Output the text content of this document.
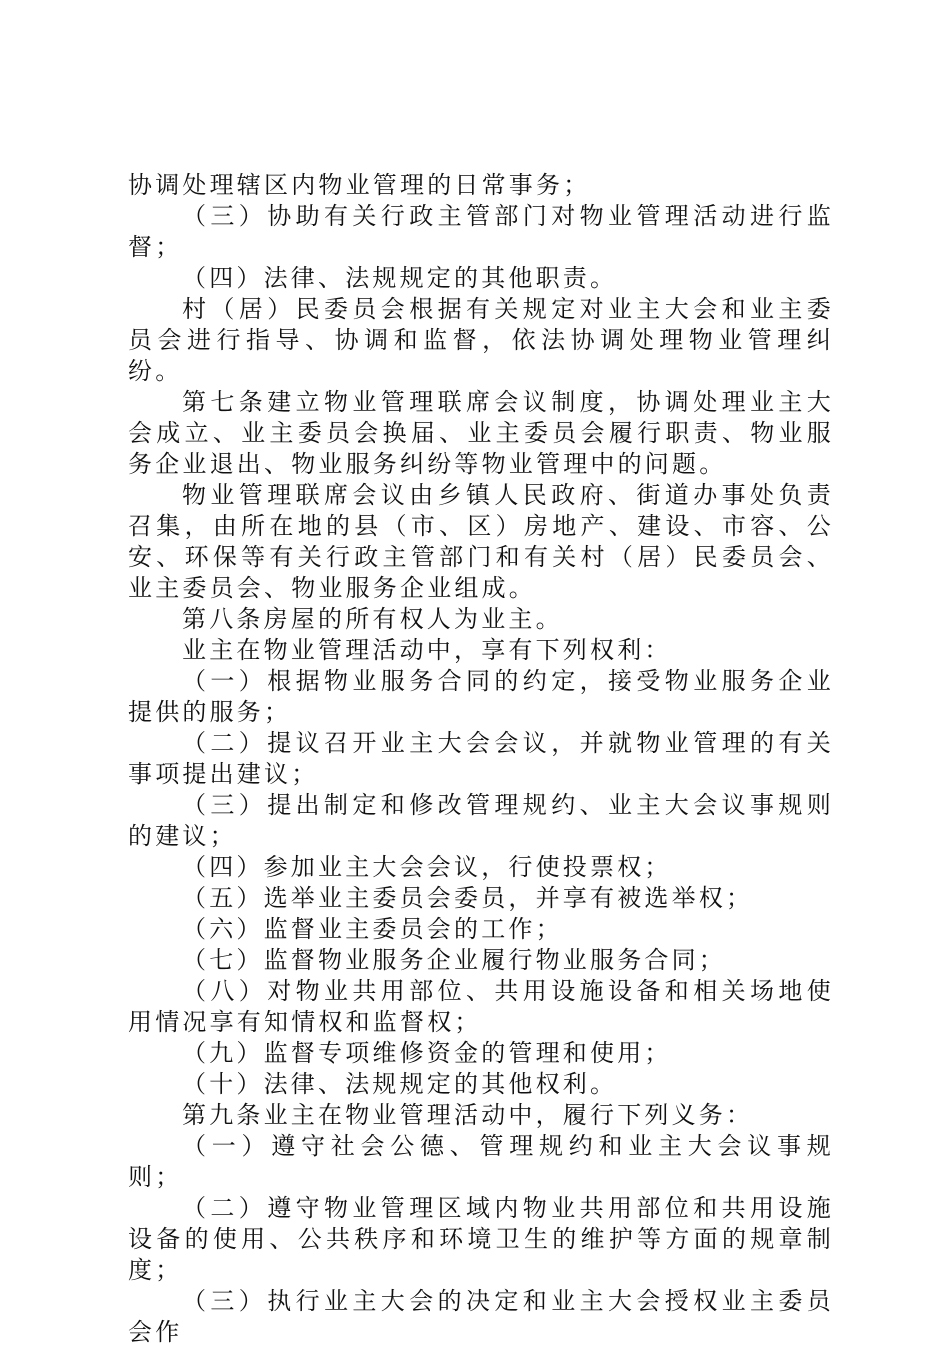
协调处理辖区内物业管理的日常事务；

（三）协助有关行政主管部门对物业管理活动进行监督；

（四）法律、法规规定的其他职责。

村（居）民委员会根据有关规定对业主大会和业主委员会进行指导、协调和监督，依法协调处理物业管理纠纷。

第七条建立物业管理联席会议制度，协调处理业主大会成立、业主委员会换届、业主委员会履行职责、物业服务企业退出、物业服务纠纷等物业管理中的问题。

物业管理联席会议由乡镇人民政府、街道办事处负责召集，由所在地的县（市、区）房地产、建设、市容、公安、环保等有关行政主管部门和有关村（居）民委员会、业主委员会、物业服务企业组成。

第八条房屋的所有权人为业主。

业主在物业管理活动中，享有下列权利：

（一）根据物业服务合同的约定，接受物业服务企业提供的服务；

（二）提议召开业主大会会议，并就物业管理的有关事项提出建议；

（三）提出制定和修改管理规约、业主大会议事规则的建议；

（四）参加业主大会会议，行使投票权；

（五）选举业主委员会委员，并享有被选举权；

（六）监督业主委员会的工作；

（七）监督物业服务企业履行物业服务合同；

（八）对物业共用部位、共用设施设备和相关场地使用情况享有知情权和监督权；

（九）监督专项维修资金的管理和使用；

（十）法律、法规规定的其他权利。

第九条业主在物业管理活动中，履行下列义务：

（一）遵守社会公德、管理规约和业主大会议事规则；

（二）遵守物业管理区域内物业共用部位和共用设施设备的使用、公共秩序和环境卫生的维护等方面的规章制度；

（三）执行业主大会的决定和业主大会授权业主委员会作
